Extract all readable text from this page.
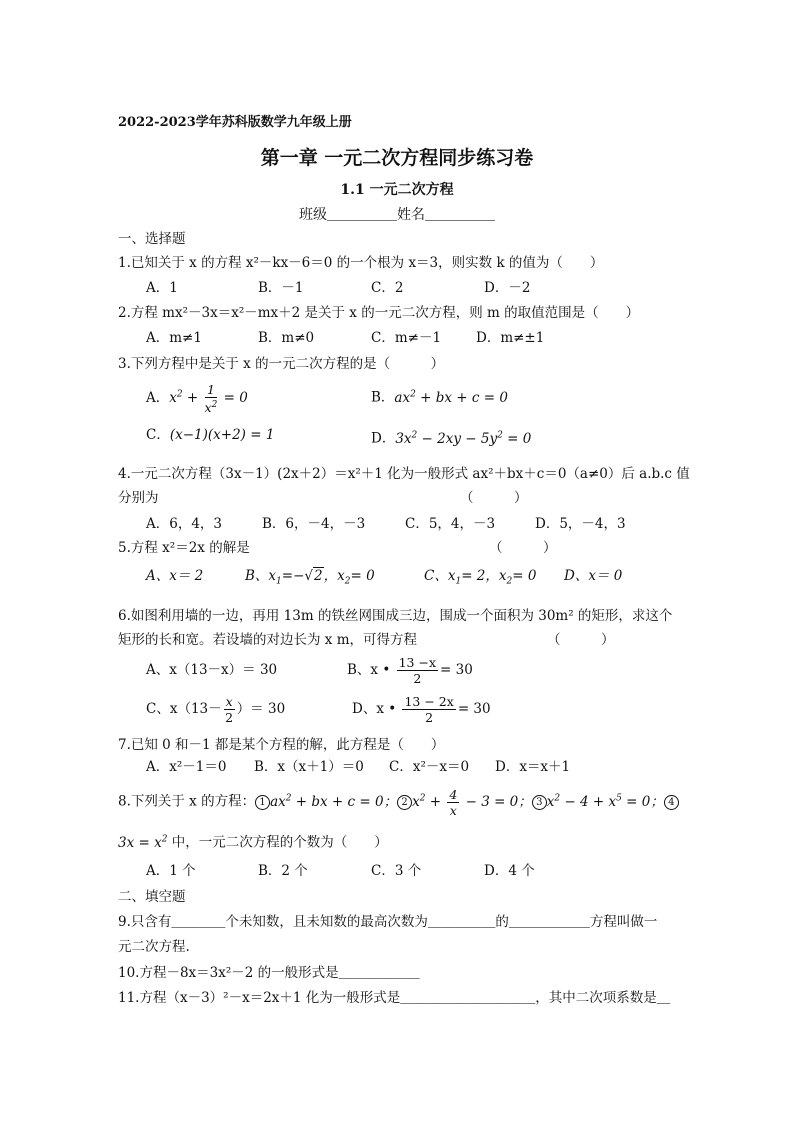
2022-2023学年苏科版数学九年级上册
第一章 一元二次方程同步练习卷
1.1 一元二次方程
班级＿＿＿＿＿姓名＿＿＿＿＿
一、选择题
1.已知关于 x 的方程 x²－kx－6＝0 的一个根为 x＝3，则实数 k 的值为（　　）
A．1	B．－1	C．2	D．－2
2.方程 mx²－3x＝x²－mx＋2 是关于 x 的一元二次方程，则 m 的取值范围是（　　）
A．m≠1	B．m≠0	C．m≠－1	D．m≠±1
3.下列方程中是关于 x 的一元二次方程的是（　　　）
A．$x^2 + \frac{1}{x^2} = 0$	B．$ax^2$ + bx + c = 0
C．(x−1)(x+2) = 1	D．$3x^2 - 2xy - 5y^2 = 0$
4.一元二次方程（3x－1）(2x＋2）＝x²＋1 化为一般形式 ax²＋bx＋c＝0（a≠0）后 a.b.c 值
分别为	（　　　）
A．6，4，3	B．6，－4，－3	C．5，4，－3	D．5，－4，3
5.方程 x²＝2x 的解是	（　　　）
A、x＝ 2	B、$x_1=-√2$，$x_2= 0$	C、$x_1= 2$，$x_2= 0$ D、x＝ 0
6.如图利用墙的一边，再用 13m 的铁丝网围成三边，围成一个面积为 30m² 的矩形，求这个
矩形的长和宽。若设墙的对边长为 x m，可得方程	（　　　）
A、x（13－x）＝ 30	B、x • $\frac{13 -x}{2} = 30$
C、$x(13- \frac{x}{2}$ ）＝ 30	D、x • $\frac{13 - 2x}{2} = 30$
7.已知 0 和－1 都是某个方程的解，此方程是（　　）
A．x²－1＝0 B．x（x＋1）＝0 C．x²－x＝0 D．x＝x＋1
8.下列关于 x 的方程： 1 $ax^2$ + bx + c = 0； 2 $x^2 + \frac{4}{x} - 3 = 0$； 3 $x^2 - 4 + x^5 = 0$； 4
$3x = x^2$ 中，一元二次方程的个数为（　　）
A．1 个	B．2 个	C．3 个	D．4 个
二、填空题
9.只含有＿＿＿＿个未知数，且未知数的最高次数为＿＿＿＿＿的＿＿＿＿＿＿方程叫做一
元二次方程.
10.方程－8x＝3x²－2 的一般形式是＿＿＿＿＿＿
11.方程（x－3）²－x＝2x＋1 化为一般形式是＿＿＿＿＿＿＿＿＿＿，其中二次项系数是＿
